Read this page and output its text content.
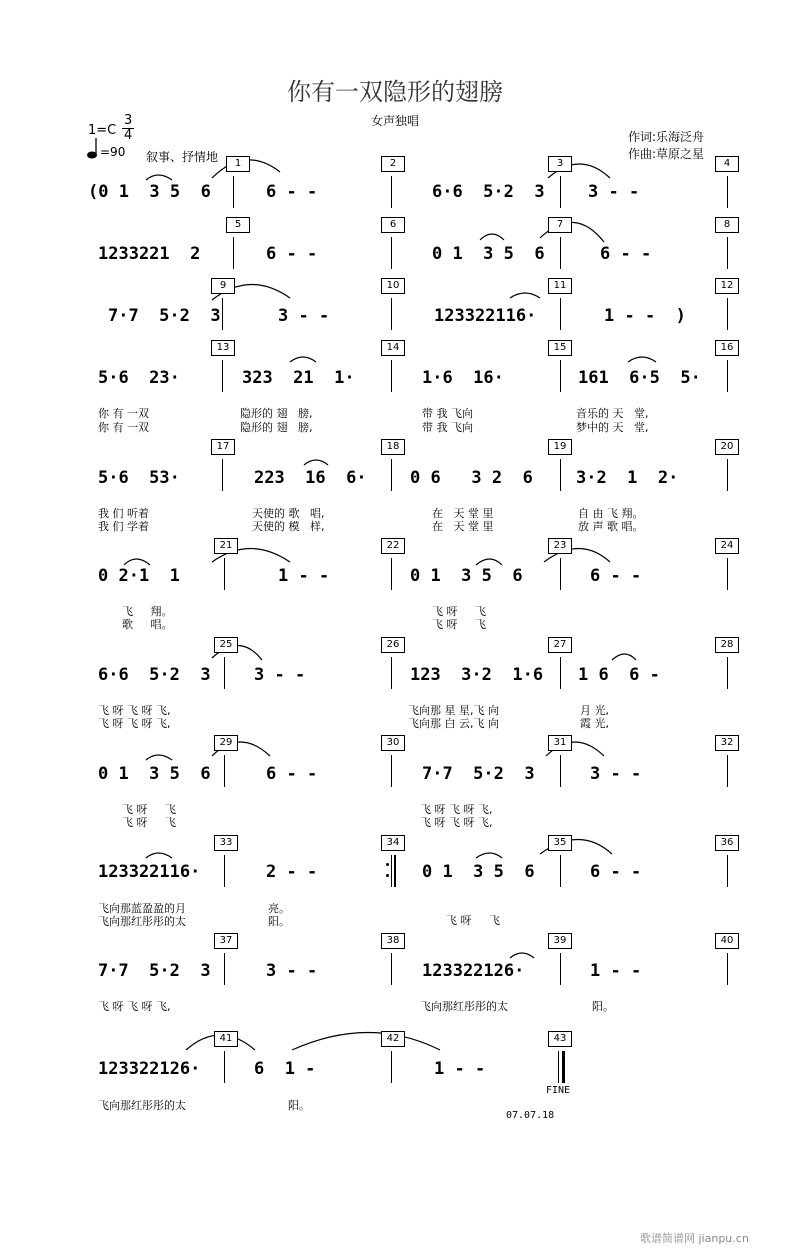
你有一双隐形的翅膀
女声独唱
1=C
3
4
=90 叙事、抒情地
作词:乐海泛舟
作曲:草原之星
1	2	3	4
(0 1  3 5  6	6 - -	6·6  5·2  3	3 - -
5	6	7	8
1233221  2	6 - -	0 1  3 5  6	6 - -
9	10	11	12
7·7  5·2  3	3 - -	123322116·	1 - -  )
13	14	15	16
5·6  23·	323  21  1·	1·6  16·	161  6·5  5·
你 有 一双	隐形的 翅   膀,	带 我 飞向	音乐的 天   堂,
你 有 一双	隐形的 翅   膀,	带 我 飞向	梦中的 天   堂,
17	18	19	20
5·6  53·	223  16  6·	0 6   3 2  6	3·2  1  2·
我 们 听着	天使的 歌   唱,	在   天 堂 里	自 由 飞 翔。
我 们 学着	天使的 模   样,	在   天 堂 里	放 声 歌 唱。
21	22	23	24
0 2·1  1	1 - -	0 1  3 5  6	6 - -
飞     翔。	飞 呀     飞
歌     唱。	飞 呀     飞
25	26	27	28
6·6  5·2  3	3 - -	123  3·2  1·6 1 6  6 -
飞 呀 飞 呀 飞,	飞向那 星 星,飞 向	月 光,
飞 呀 飞 呀 飞,	飞向那 白 云,飞 向	霞 光,
29	30	31	32
0 1  3 5  6	6 - -	7·7  5·2  3	3 - -
飞 呀     飞	飞 呀 飞 呀 飞,
飞 呀     飞	飞 呀 飞 呀 飞,
33	34	35	36
123322116·	2 - -	0 1  3 5  6	6 - -
飞向那蓝盈盈的月	亮。
飞 呀     飞
飞向那红彤彤的太	阳。
37	38	39	40
7·7  5·2  3	3 - -	123322126·	1 - -
飞 呀 飞 呀 飞,	飞向那红彤彤的太	阳。
41	42	43
123322126·	6  1 -	1 - -
飞向那红彤彤的太	阳。
FINE
07.07.18
歌谱简谱网 jianpu.cn
